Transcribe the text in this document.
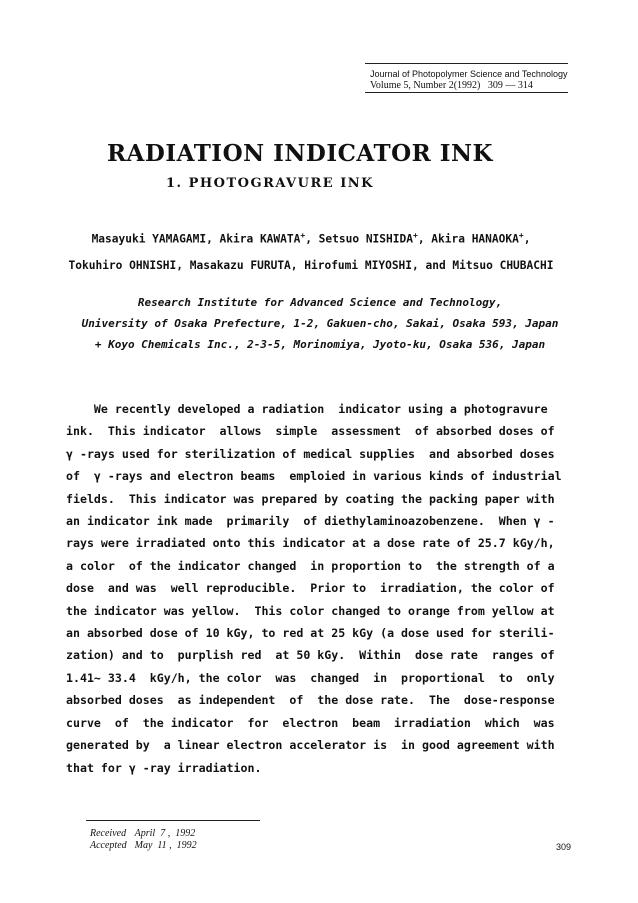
Journal of Photopolymer Science and Technology
Volume 5, Number 2(1992)   309 — 314
RADIATION INDICATOR INK
1. PHOTOGRAVURE INK
Masayuki YAMAGAMI, Akira KAWATA+, Setsuo NISHIDA+, Akira HANAOKA+,
Tokuhiro OHNISHI, Masakazu FURUTA, Hirofumi MIYOSHI, and Mitsuo CHUBACHI
Research Institute for Advanced Science and Technology,
University of Osaka Prefecture, 1-2, Gakuen-cho, Sakai, Osaka 593, Japan
+ Koyo Chemicals Inc., 2-3-5, Morinomiya, Jyoto-ku, Osaka 536, Japan
We recently developed a radiation  indicator using a photogravure
ink.  This indicator  allows  simple  assessment  of absorbed doses of
γ -rays used for sterilization of medical supplies  and absorbed doses
of  γ -rays and electron beams  emploied in various kinds of industrial
fields.  This indicator was prepared by coating the packing paper with
an indicator ink made  primarily  of diethylaminoazobenzene.  When γ -
rays were irradiated onto this indicator at a dose rate of 25.7 kGy/h,
a color  of the indicator changed  in proportion to  the strength of a
dose  and was  well reproducible.  Prior to  irradiation, the color of
the indicator was yellow.  This color changed to orange from yellow at
an absorbed dose of 10 kGy, to red at 25 kGy (a dose used for sterili-
zation) and to  purplish red  at 50 kGy.  Within  dose rate  ranges of
1.41~ 33.4  kGy/h, the color  was  changed  in  proportional  to  only
absorbed doses  as independent  of  the dose rate.  The  dose-response
curve  of  the indicator  for  electron  beam  irradiation  which  was
generated by  a linear electron accelerator is  in good agreement with
that for γ -ray irradiation.
Received	April  7 ,  1992
Accepted	May  11 ,  1992	309
